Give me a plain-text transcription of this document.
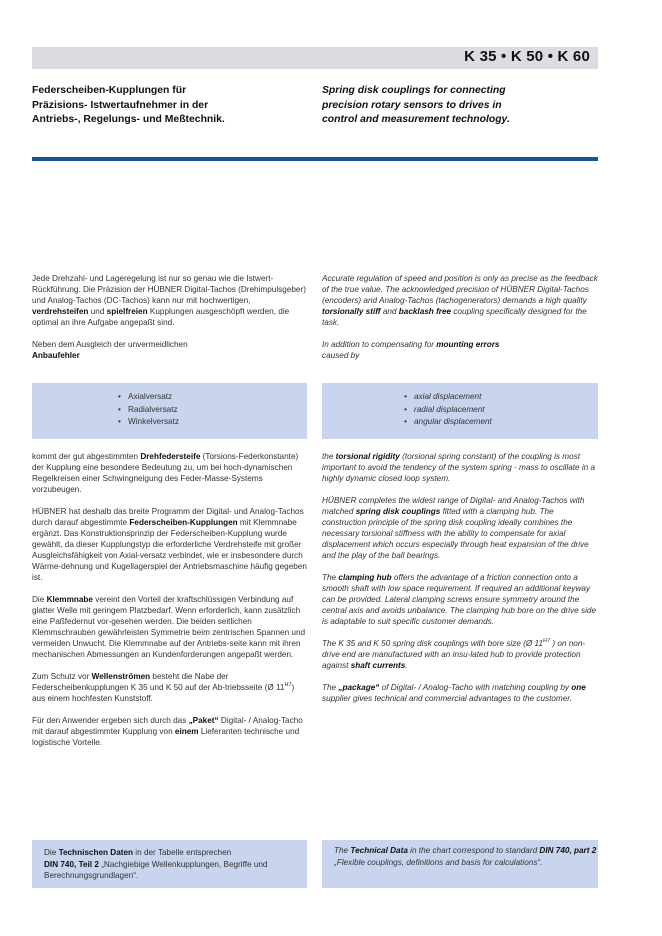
K 35 • K 50 • K 60
Federscheiben-Kupplungen für
Präzisions- Istwertaufnehmer in der
Antriebs-, Regelungs- und Meßtechnik.
Spring disk couplings for connecting
precision rotary sensors to drives in
control and measurement technology.

Jede Drehzahl- und Lageregelung ist nur so genau wie die Istwert-Rückführung. Die Präzision der HÜBNER Digital-Tachos (Drehimpulsgeber) und Analog-Tachos (DC-Tachos) kann nur mit hochwertigen, verdrehsteifen und spielfreien Kupplungen ausgeschöpft werden, die optimal an ihre Aufgabe angepaßt sind.

Neben dem Ausgleich der unvermeidlichen
Anbaufehler

Accurate regulation of speed and position is only as precise as the feedback of the true value. The acknowledged precision of HÜBNER Digital-Tachos (encoders) and Analog-Tachos (tachogenerators) demands a high quality torsionally stiff and backlash free coupling specifically designed for the task.

In addition to compensating for mounting errors
caused by

• Axialversatz
• Radialversatz
• Winkelversatz
• axial displacement
• radial displacement
• angular displacement

kommt der gut abgestimmten Drehfedersteife (Torsions-Federkonstante) der Kupplung eine besondere Bedeutung zu, um bei hoch-dynamischen Regelkreisen einer Schwingneigung des Feder-Masse-Systems vorzubeugen.

HÜBNER hat deshalb das breite Programm der Digital- und Analog-Tachos durch darauf abgestimmte Federscheiben-Kupplungen mit Klemmnabe ergänzt. Das Konstruktionsprinzip der Federscheiben-Kupplung wurde gewählt, da dieser Kupplungstyp die erforderliche Verdrehsteife mit großer Ausgleichsfähigkeit von Axial-versatz verbindet, wie er insbesondere durch Wärme-dehnung und Kugellagerspiel der Antriebsmaschine häufig gegeben ist.

Die Klemmnabe vereint den Vorteil der kraftschlüssigen Verbindung auf glatter Welle mit geringem Platzbedarf. Wenn erforderlich, kann zusätzlich eine Paßfedernut vor-gesehen werden. Die beiden seitlichen Klemmschrauben gewährleisten Symmetrie beim zentrischen Spannen und vermeiden Unwucht. Die Klemmnabe auf der Antriebs-seite kann mit ihren mechanischen Abmessungen an Kundenforderungen angepaßt werden.

Zum Schutz vor Wellenströmen besteht die Nabe der Federscheibenkupplungen K 35 und K 50 auf der Ab-triebsseite (Ø $11^{H7}$) aus einem hochfesten Kunststoff.

Für den Anwender ergeben sich durch das „Paket“ Digital- / Analog-Tacho mit darauf abgestimmter Kupplung von einem Lieferanten technische und logistische Vorteile.

the torsional rigidity (torsional spring constant) of the coupling is most important to avoid the tendency of the system spring - mass to oscillate in a highly dynamic closed loop system.

HÜBNER completes the widest range of Digital- and Analog-Tachos with matched spring disk couplings fitted with a clamping hub. The construction principle of the spring disk coupling ideally combines the necessary torsional stiffness with the ability to compensate for axial displacement which occurs especially through heat expansion of the drive and the play of the ball bearings.

The clamping hub offers the advantage of a friction connection onto a smooth shaft with low space requirement. If required an additional keyway can be provided. Lateral clamping screws ensure symmetry around the central axis and avoids unbalance. The clamping hub bore on the drive side is adaptable to suit specific customer demands.

The K 35 and K 50 spring disk couplings with bore size (Ø $11^{H7}$ ) on non-drive end are manufactured with an insu-lated hub to provide protection against shaft currents.

The „package“ of Digital- / Analog-Tacho with matching coupling by one supplier gives technical and commercial advantages to the customer.

Die Technischen Daten in der Tabelle entsprechen
DIN 740, Teil 2 „Nachgiebige Wellenkupplungen, Begriffe und Berechnungsgrundlagen“.

The Technical Data in the chart correspond to standard DIN 740, part 2 „Flexible couplings, definitions and basis for calculations“.
